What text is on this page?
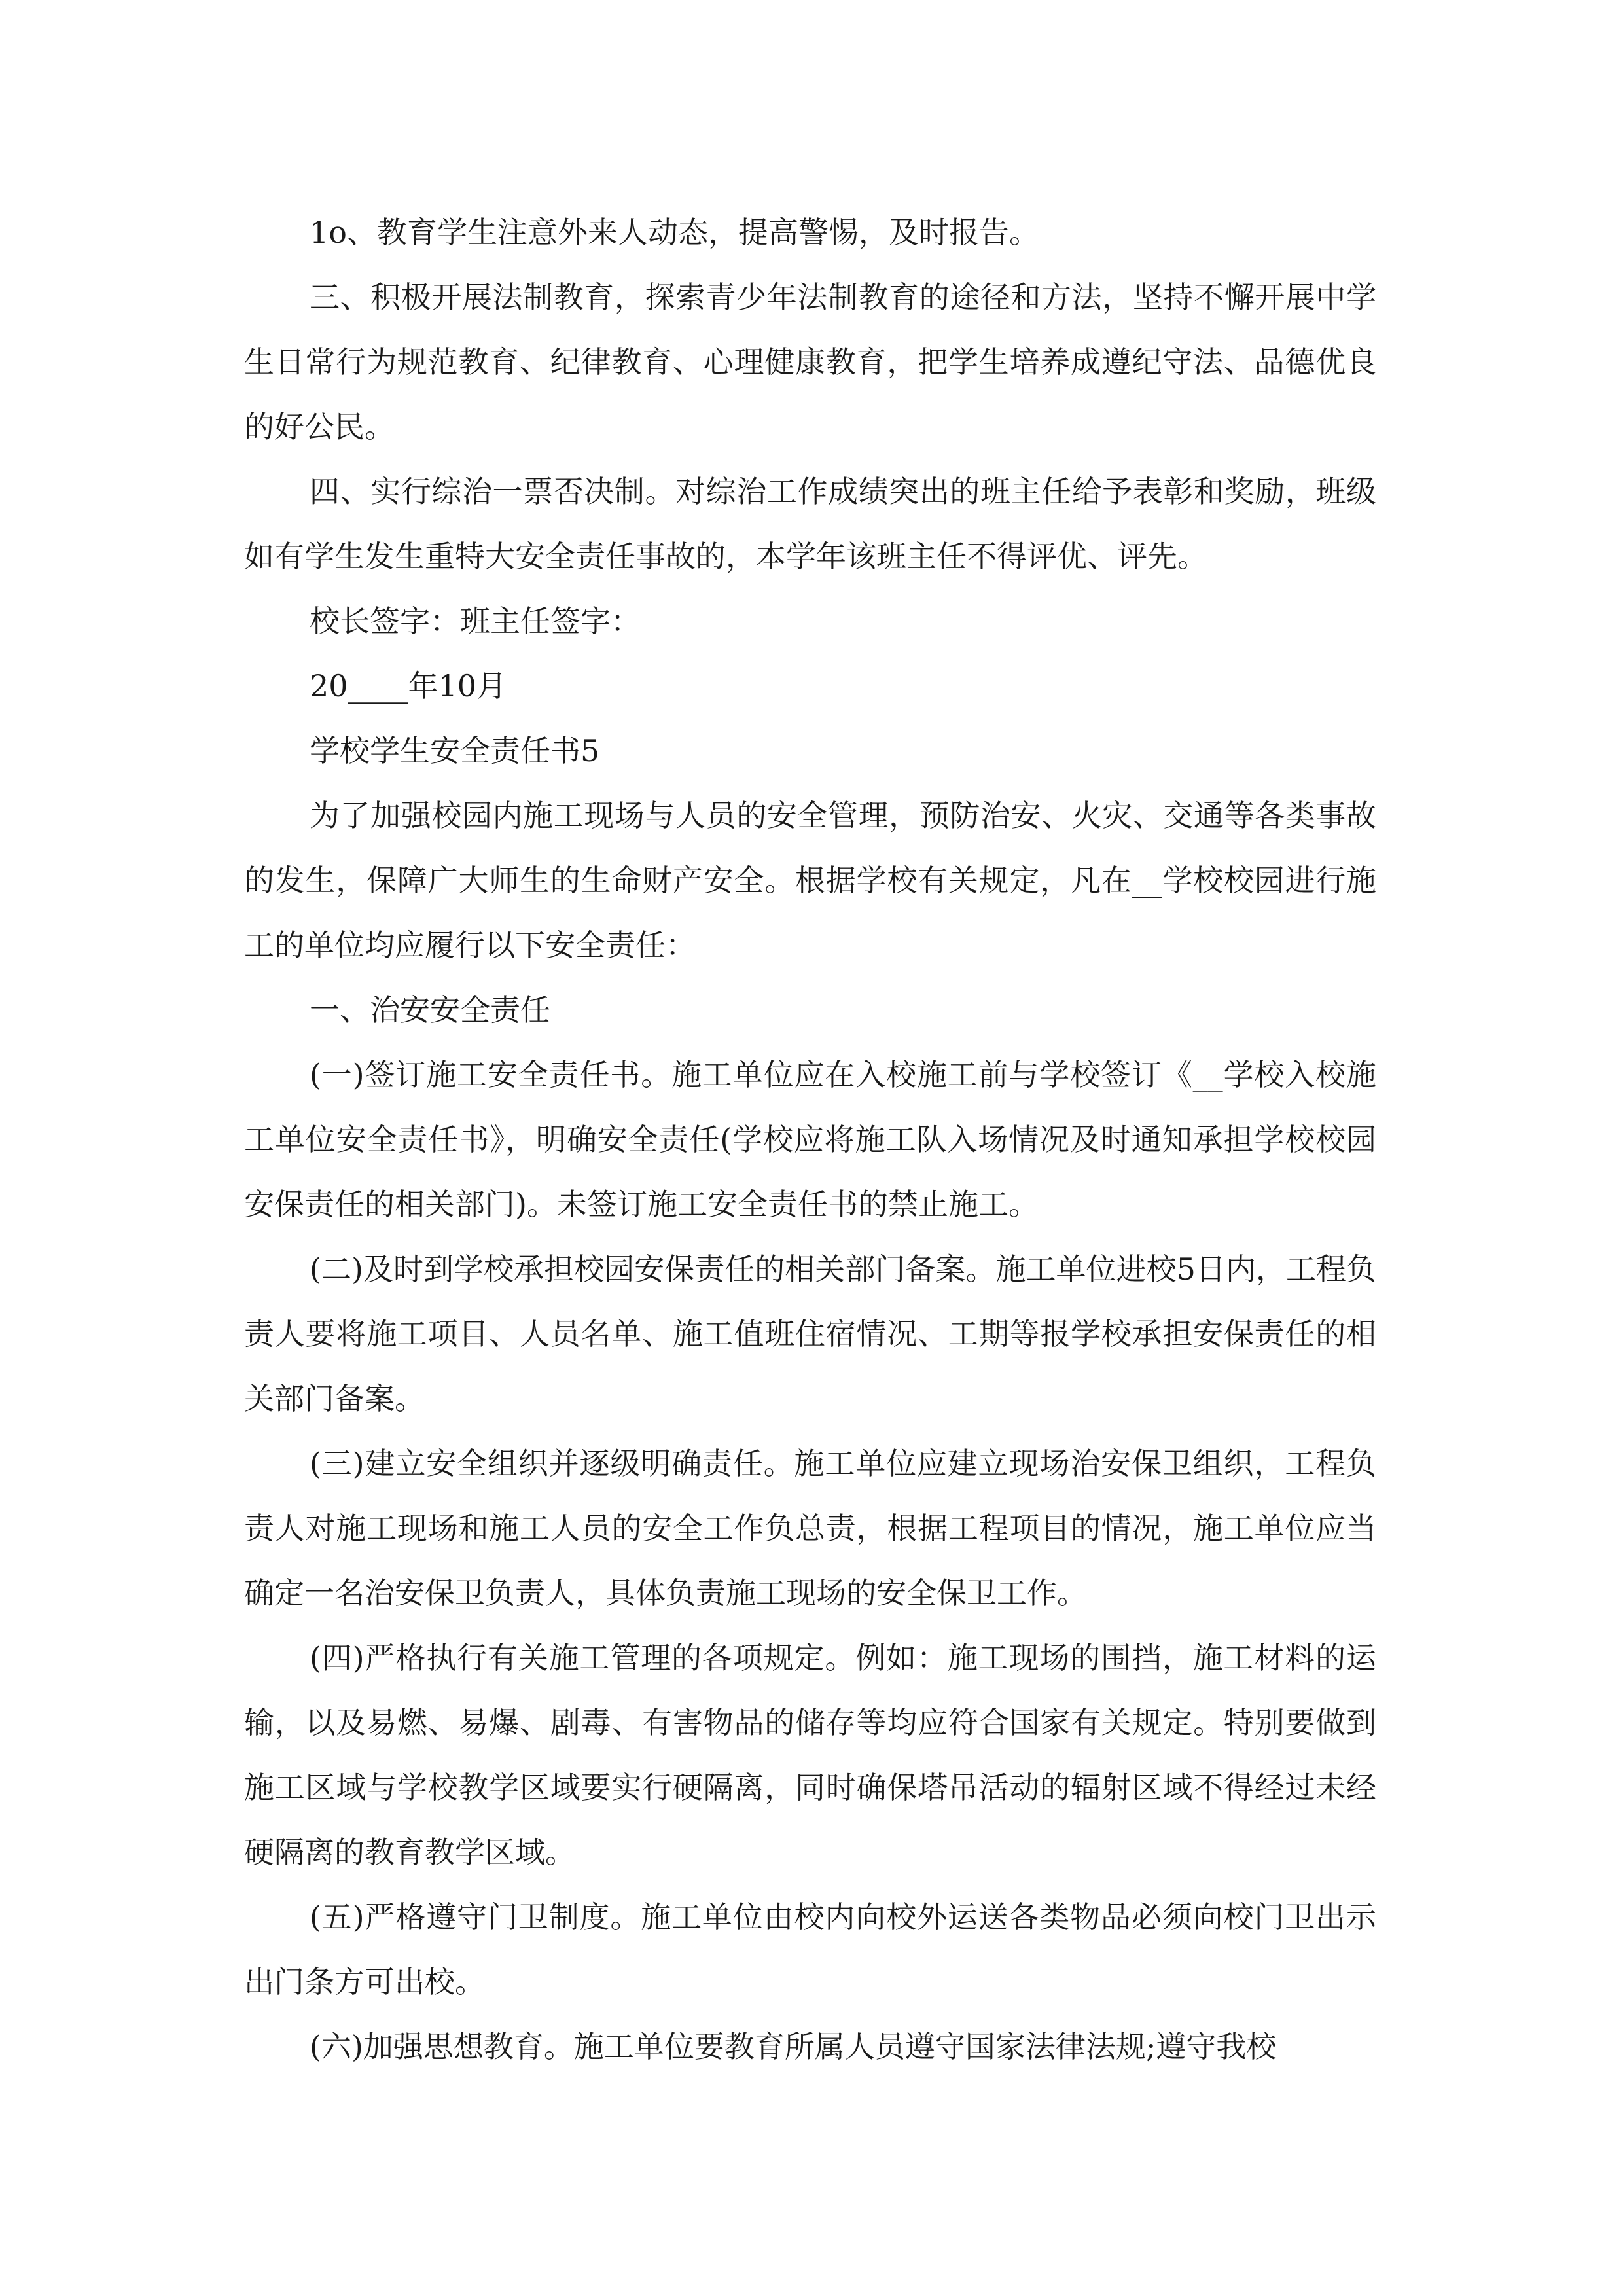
1o、教育学生注意外来人动态，提高警惕，及时报告。

三、积极开展法制教育，探索青少年法制教育的途径和方法，坚持不懈开展中学生日常行为规范教育、纪律教育、心理健康教育，把学生培养成遵纪守法、品德优良的好公民。

四、实行综治一票否决制。对综治工作成绩突出的班主任给予表彰和奖励，班级如有学生发生重特大安全责任事故的，本学年该班主任不得评优、评先。

校长签字：班主任签字：

20____年10月

学校学生安全责任书5

为了加强校园内施工现场与人员的安全管理，预防治安、火灾、交通等各类事故的发生，保障广大师生的生命财产安全。根据学校有关规定，凡在__学校校园进行施工的单位均应履行以下安全责任：

一、治安安全责任

(一)签订施工安全责任书。施工单位应在入校施工前与学校签订《__学校入校施工单位安全责任书》，明确安全责任(学校应将施工队入场情况及时通知承担学校校园安保责任的相关部门)。未签订施工安全责任书的禁止施工。

(二)及时到学校承担校园安保责任的相关部门备案。施工单位进校5日内，工程负责人要将施工项目、人员名单、施工值班住宿情况、工期等报学校承担安保责任的相关部门备案。

(三)建立安全组织并逐级明确责任。施工单位应建立现场治安保卫组织，工程负责人对施工现场和施工人员的安全工作负总责，根据工程项目的情况，施工单位应当确定一名治安保卫负责人，具体负责施工现场的安全保卫工作。

(四)严格执行有关施工管理的各项规定。例如：施工现场的围挡，施工材料的运输，以及易燃、易爆、剧毒、有害物品的储存等均应符合国家有关规定。特别要做到施工区域与学校教学区域要实行硬隔离，同时确保塔吊活动的辐射区域不得经过未经硬隔离的教育教学区域。

(五)严格遵守门卫制度。施工单位由校内向校外运送各类物品必须向校门卫出示出门条方可出校。

(六)加强思想教育。施工单位要教育所属人员遵守国家法律法规;遵守我校
